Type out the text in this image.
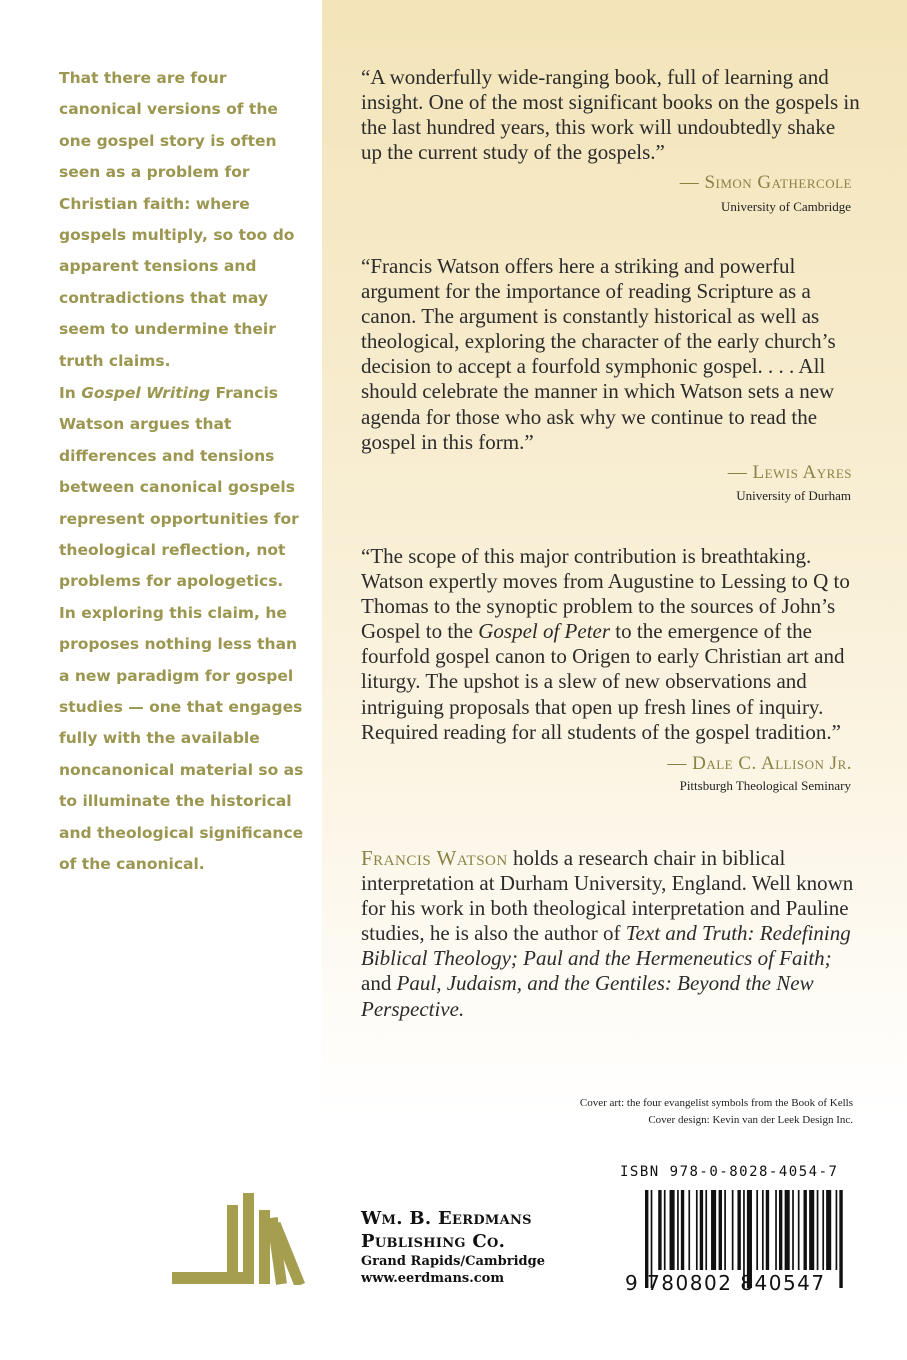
That there are four canonical versions of the one gospel story is often seen as a problem for Christian faith: where gospels multiply, so too do apparent tensions and contradictions that may seem to undermine their truth claims.

In Gospel Writing Francis Watson argues that differences and tensions between canonical gospels represent opportunities for theological reflection, not problems for apologetics. In exploring this claim, he proposes nothing less than a new paradigm for gospel studies — one that engages fully with the available noncanonical material so as to illuminate the historical and theological significance of the canonical.

“A wonderfully wide-ranging book, full of learning and insight. One of the most significant books on the gospels in the last hundred years, this work will undoubtedly shake up the current study of the gospels.”

— Simon Gathercole
University of Cambridge

“Francis Watson offers here a striking and powerful argument for the importance of reading Scripture as a canon. The argument is constantly historical as well as theological, exploring the character of the early church’s decision to accept a fourfold symphonic gospel. . . . All should celebrate the manner in which Watson sets a new agenda for those who ask why we continue to read the gospel in this form.”

— Lewis Ayres
University of Durham

“The scope of this major contribution is breathtaking. Watson expertly moves from Augustine to Lessing to Q to Thomas to the synoptic problem to the sources of John’s Gospel to the Gospel of Peter to the emergence of the fourfold gospel canon to Origen to early Christian art and liturgy. The upshot is a slew of new observations and intriguing proposals that open up fresh lines of inquiry. Required reading for all students of the gospel tradition.”

— Dale C. Allison Jr.
Pittsburgh Theological Seminary
Francis Watson holds a research chair in biblical interpretation at Durham University, England. Well known for his work in both theological interpretation and Pauline studies, he is also the author of Text and Truth: Redefining Biblical Theology; Paul and the Hermeneutics of Faith; and Paul, Judaism, and the Gentiles: Beyond the New Perspective.
Cover art: the four evangelist symbols from the Book of Kells
Cover design: Kevin van der Leek Design Inc.
ISBN 978-0-8028-4054-7
9 780802 840547
Wm. B. Eerdmans
Publishing Co.
Grand Rapids/Cambridge
www.eerdmans.com
